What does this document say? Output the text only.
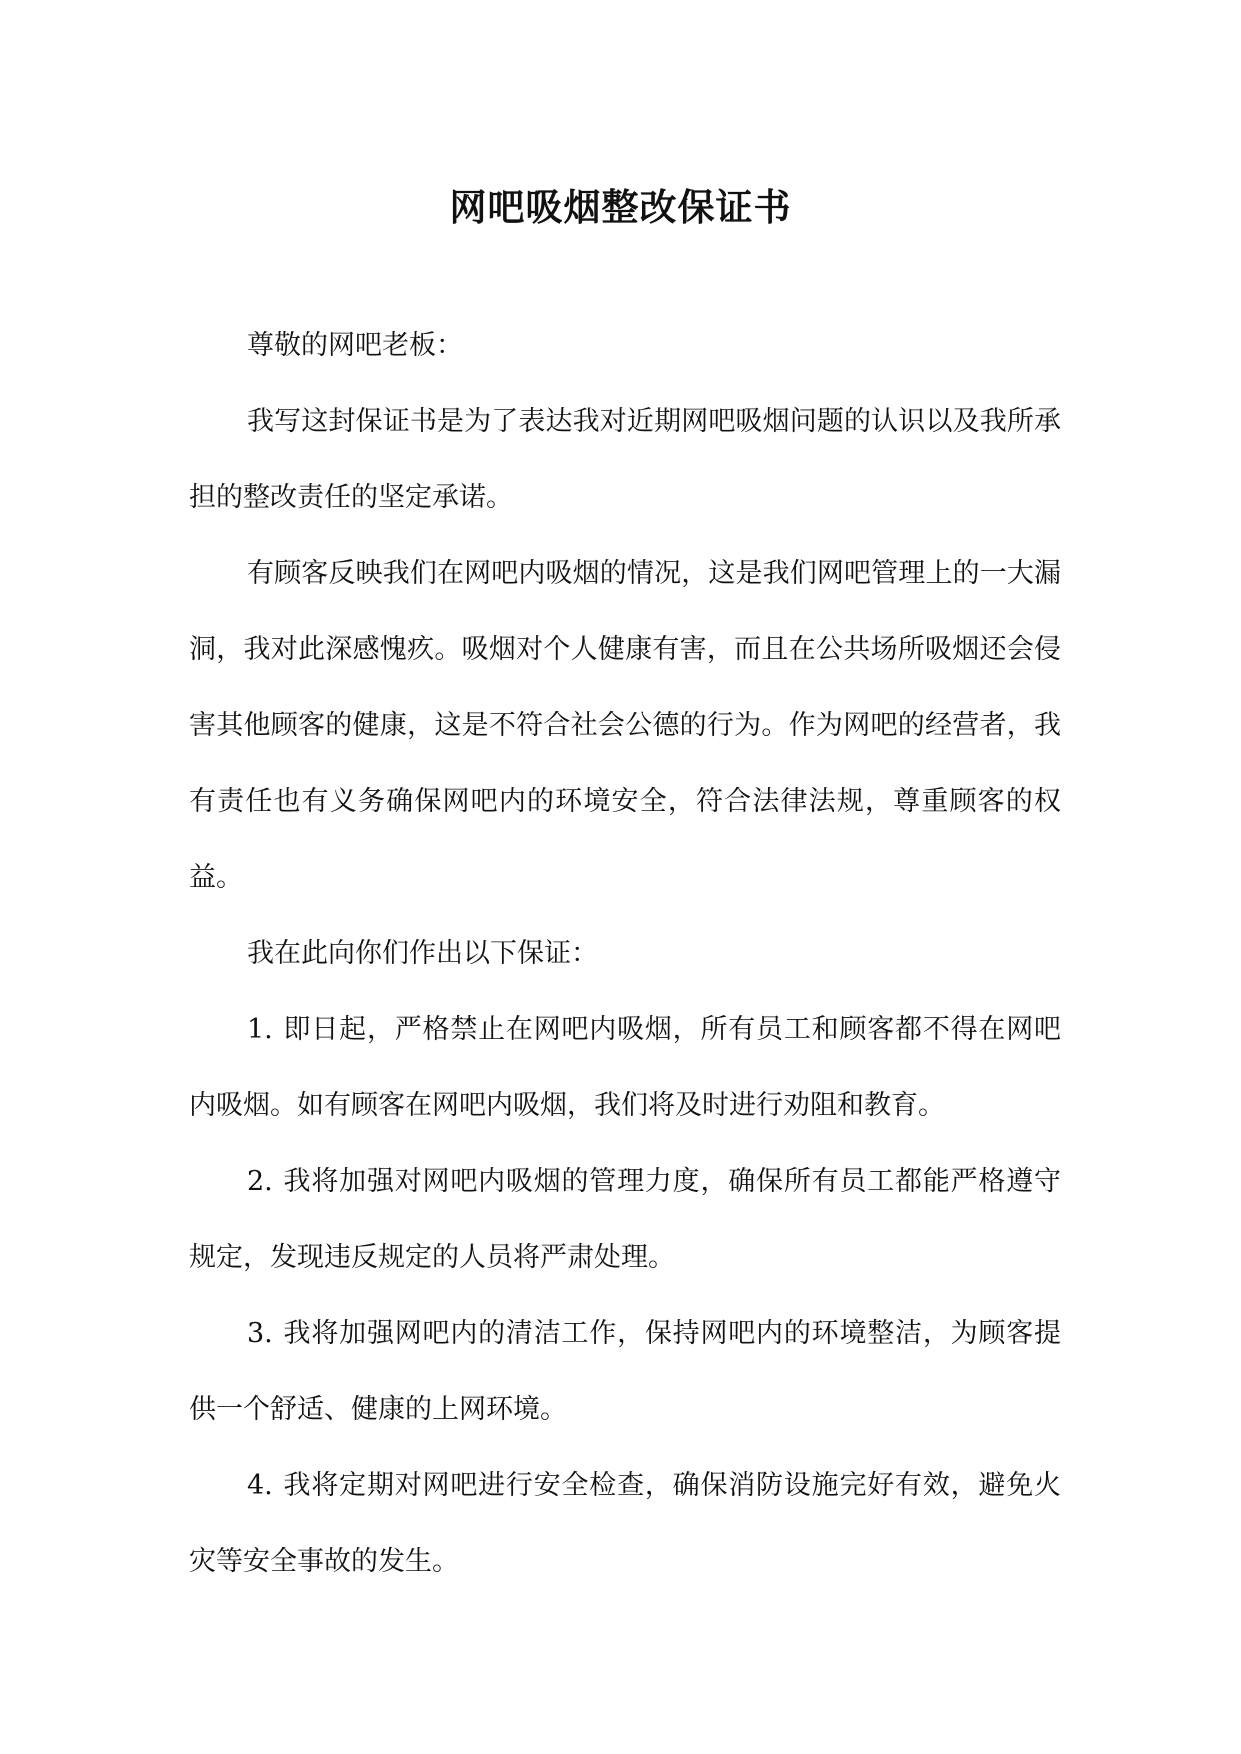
网吧吸烟整改保证书

尊敬的网吧老板：

我写这封保证书是为了表达我对近期网吧吸烟问题的认识以及我所承担的整改责任的坚定承诺。

有顾客反映我们在网吧内吸烟的情况，这是我们网吧管理上的一大漏洞，我对此深感愧疚。吸烟对个人健康有害，而且在公共场所吸烟还会侵害其他顾客的健康，这是不符合社会公德的行为。作为网吧的经营者，我有责任也有义务确保网吧内的环境安全，符合法律法规，尊重顾客的权益。

我在此向你们作出以下保证：

1. 即日起，严格禁止在网吧内吸烟，所有员工和顾客都不得在网吧内吸烟。如有顾客在网吧内吸烟，我们将及时进行劝阻和教育。

2. 我将加强对网吧内吸烟的管理力度，确保所有员工都能严格遵守规定，发现违反规定的人员将严肃处理。

3. 我将加强网吧内的清洁工作，保持网吧内的环境整洁，为顾客提供一个舒适、健康的上网环境。

4. 我将定期对网吧进行安全检查，确保消防设施完好有效，避免火灾等安全事故的发生。
